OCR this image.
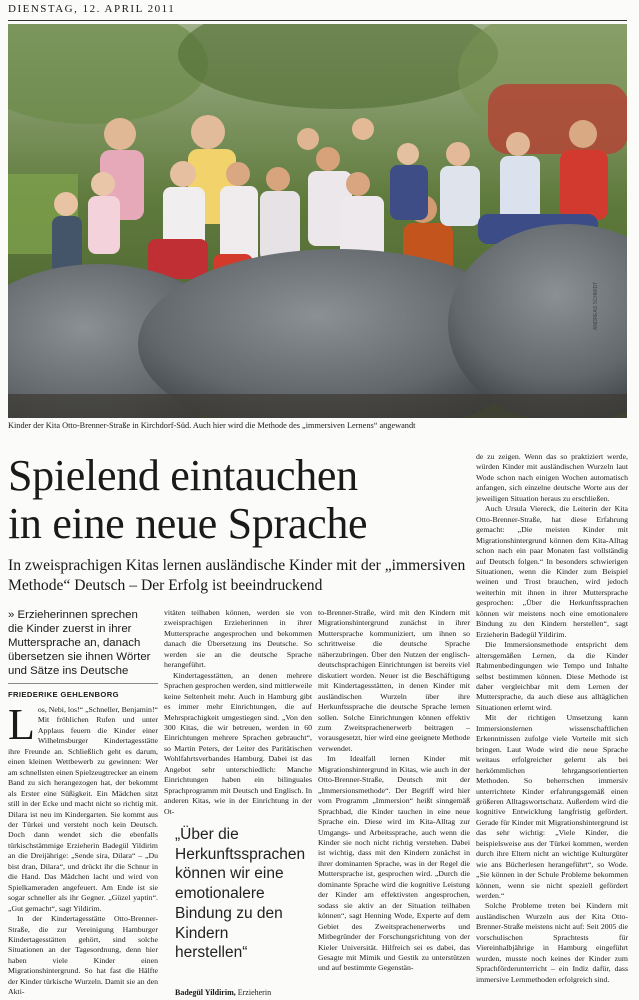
DIENSTAG, 12. APRIL 2011
ANDREAS SCHMIDT
Kinder der Kita Otto-Brenner-Straße in Kirchdorf-Süd. Auch hier wird die Methode des „immersiven Lernens“ angewandt
Spielend eintauchen
in eine neue Sprache

In zweisprachigen Kitas lernen ausländische Kinder mit der „immersiven Methode“ Deutsch – Der Erfolg ist beeindruckend

» Erzieherinnen sprechen die Kinder zuerst in ihrer Muttersprache an, danach übersetzen sie ihnen Wörter und Sätze ins Deutsche
FRIEDERIKE GEHLENBORG

Los, Nebi, los!“ „Schneller, Benjamin!“ Mit fröhlichen Rufen und unter Applaus feuern die Kinder einer Wilhelmsburger Kindertagesstätte ihre Freunde an. Schließlich geht es darum, einen kleinen Wettbewerb zu gewinnen: Wer am schnellsten einen Spielzeugtrecker an einem Band zu sich herangezogen hat, der bekommt als Erster eine Süßigkeit. Ein Mädchen sitzt still in der Ecke und macht nicht so richtig mit. Dilara ist neu im Kindergarten. Sie kommt aus der Türkei und versteht noch kein Deutsch. Doch dann wendet sich die ebenfalls türkischstämmige Erzieherin Badegül Yildirim an die Dreijährige: „Sende sira, Dilara“ – „Du bist dran, Dilara“, und drückt ihr die Schnur in die Hand. Das Mädchen lacht und wird von Spielkameraden angefeuert. Am Ende ist sie sogar schneller als ihr Gegner. „Güzel yaptin“. „Gut gemacht“, sagt Yildirim.

In der Kindertagesstätte Otto-Brenner-Straße, die zur Vereinigung Hamburger Kindertagesstätten gehört, sind solche Situationen an der Tagesordnung, denn hier haben viele Kinder einen Migrationshintergrund. So hat fast die Hälfte der Kinder türkische Wurzeln. Damit sie an den Akti-

vitäten teilhaben können, werden sie von zweisprachigen Erzieherinnen in ihrer Muttersprache angesprochen und bekommen danach die Übersetzung ins Deutsche. So werden sie an die deutsche Sprache herangeführt.

Kindertagesstätten, an denen mehrere Sprachen gesprochen werden, sind mittlerweile keine Seltenheit mehr. Auch in Hamburg gibt es immer mehr Einrichtungen, die auf Mehrsprachigkeit umgestiegen sind. „Von den 300 Kitas, die wir betreuen, werden in 60 Einrichtungen mehrere Sprachen gebraucht“, so Martin Peters, der Leiter des Paritätischen Wohlfahrtsverbandes Hamburg. Dabei ist das Angebot sehr unterschiedlich: Manche Einrichtungen haben ein bilinguales Sprachprogramm mit Deutsch und Englisch. In anderen Kitas, wie in der Einrichtung in der Ot-

„Über die Herkunftssprachen können wir eine emotionalere Bindung zu den Kindern herstellen“
Badegül Yildirim, Erzieherin

to-Brenner-Straße, wird mit den Kindern mit Migrationshintergrund zunächst in ihrer Muttersprache kommuniziert, um ihnen so schrittweise die deutsche Sprache näherzubringen. Über den Nutzen der englisch-deutschsprachigen Einrichtungen ist bereits viel diskutiert worden. Neuer ist die Beschäftigung mit Kindertagesstätten, in denen Kinder mit ausländischen Wurzeln über ihre Herkunftssprache die deutsche Sprache lernen sollen. Solche Einrichtungen können effektiv zum Zweitsprachenerwerb beitragen – vorausgesetzt, hier wird eine geeignete Methode verwendet.

Im Idealfall lernen Kinder mit Migrationshintergrund in Kitas, wie auch in der Otto-Brenner-Straße, Deutsch mit der „Immersionsmethode“. Der Begriff wird hier vom Programm „Immersion“ heißt sinngemäß Sprachbad, die Kinder tauchen in eine neue Sprache ein. Diese wird im Kita-Alltag zur Umgangs- und Arbeitssprache, auch wenn die Kinder sie noch nicht richtig verstehen. Dabei ist wichtig, dass mit den Kindern zunächst in ihrer dominanten Sprache, was in der Regel die Muttersprache ist, gesprochen wird. „Durch die dominante Sprache wird die kognitive Leistung der Kinder am effektivsten angesprochen, sodass sie aktiv an der Situation teilhaben können“, sagt Henning Wode, Experte auf dem Gebiet des Zweitsprachenerwerbs und Mitbegründer der Forschungsrichtung von der Kieler Universität. Hilfreich sei es dabei, das Gesagte mit Mimik und Gestik zu unterstützen und auf bestimmte Gegenstän-

de zu zeigen. Wenn das so praktiziert werde, würden Kinder mit ausländischen Wurzeln laut Wode schon nach einigen Wochen automatisch anfangen, sich einzelne deutsche Worte aus der jeweiligen Situation heraus zu erschließen.

Auch Ursula Viereck, die Leiterin der Kita Otto-Brenner-Straße, hat diese Erfahrung gemacht: „Die meisten Kinder mit Migrationshintergrund können dem Kita-Alltag schon nach ein paar Monaten fast vollständig auf Deutsch folgen.“ In besonders schwierigen Situationen, wenn die Kinder zum Beispiel weinen und Trost brauchen, wird jedoch weiterhin mit ihnen in ihrer Muttersprache gesprochen: „Über die Herkunftssprachen können wir meistens noch eine emotionalere Bindung zu den Kindern herstellen“, sagt Erzieherin Badegül Yildirim.

Die Immersionsmethode entspricht dem altersgemäßen Lernen, da die Kinder Rahmenbedingungen wie Tempo und Inhalte selbst bestimmen können. Diese Methode ist daher vergleichbar mit dem Lernen der Muttersprache, da auch diese aus alltäglichen Situationen erlernt wird.

Mit der richtigen Umsetzung kann Immersionslernen wissenschaftlichen Erkenntnissen zufolge viele Vorteile mit sich bringen. Laut Wode wird die neue Sprache weitaus erfolgreicher gelernt als bei herkömmlichen lehrgangsorientierten Methoden. So beherrschen immersiv unterrichtete Kinder erfahrungsgemäß einen größeren Alltagswortschatz. Außerdem wird die kognitive Entwicklung langfristig gefördert. Gerade für Kinder mit Migrationshintergrund ist das sehr wichtig: „Viele Kinder, die beispielsweise aus der Türkei kommen, werden durch ihre Eltern nicht an wichtige Kulturgüter wie ans Bücherlesen herangeführt“, so Wode. „Sie können in der Schule Probleme bekommen können, wenn sie nicht speziell gefördert werden.“

Solche Probleme treten bei Kindern mit ausländischen Wurzeln aus der Kita Otto-Brenner-Straße meistens nicht auf: Seit 2005 die vorschulischen Sprachtests für Viereinhalbjährige in Hamburg eingeführt wurden, musste noch keines der Kinder zum Sprachförderunterricht – ein Indiz dafür, dass immersive Lernmethoden erfolgreich sind.
